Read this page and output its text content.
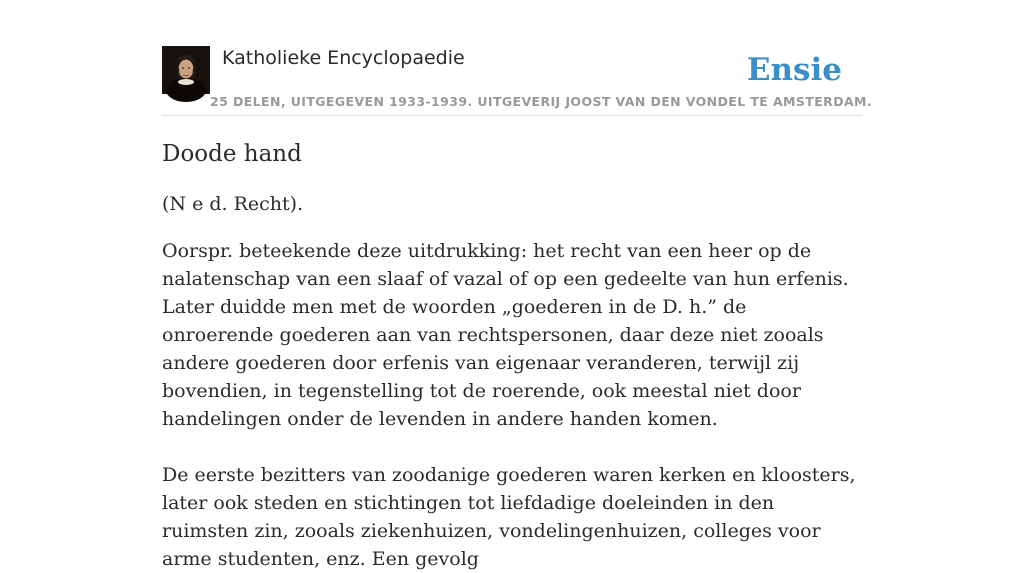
Katholieke Encyclopaedie
25 DELEN, UITGEGEVEN 1933-1939. UITGEVERIJ JOOST VAN DEN VONDEL TE AMSTERDAM.
Ensie
Doode hand

(N e d. Recht).

Oorspr. beteekende deze uitdrukking: het recht van een heer op de nalatenschap van een slaaf of vazal of op een gedeelte van hun erfenis. Later duidde men met de woorden „goederen in de D. h.” de onroerende goederen aan van rechtspersonen, daar deze niet zooals andere goederen door erfenis van eigenaar veranderen, terwijl zij bovendien, in tegenstelling tot de roerende, ook meestal niet door handelingen onder de levenden in andere handen komen.

De eerste bezitters van zoodanige goederen waren kerken en kloosters, later ook steden en stichtingen tot liefdadige doeleinden in den ruimsten zin, zooals ziekenhuizen, vondelingenhuizen, colleges voor arme studenten, enz. Een gevolg
